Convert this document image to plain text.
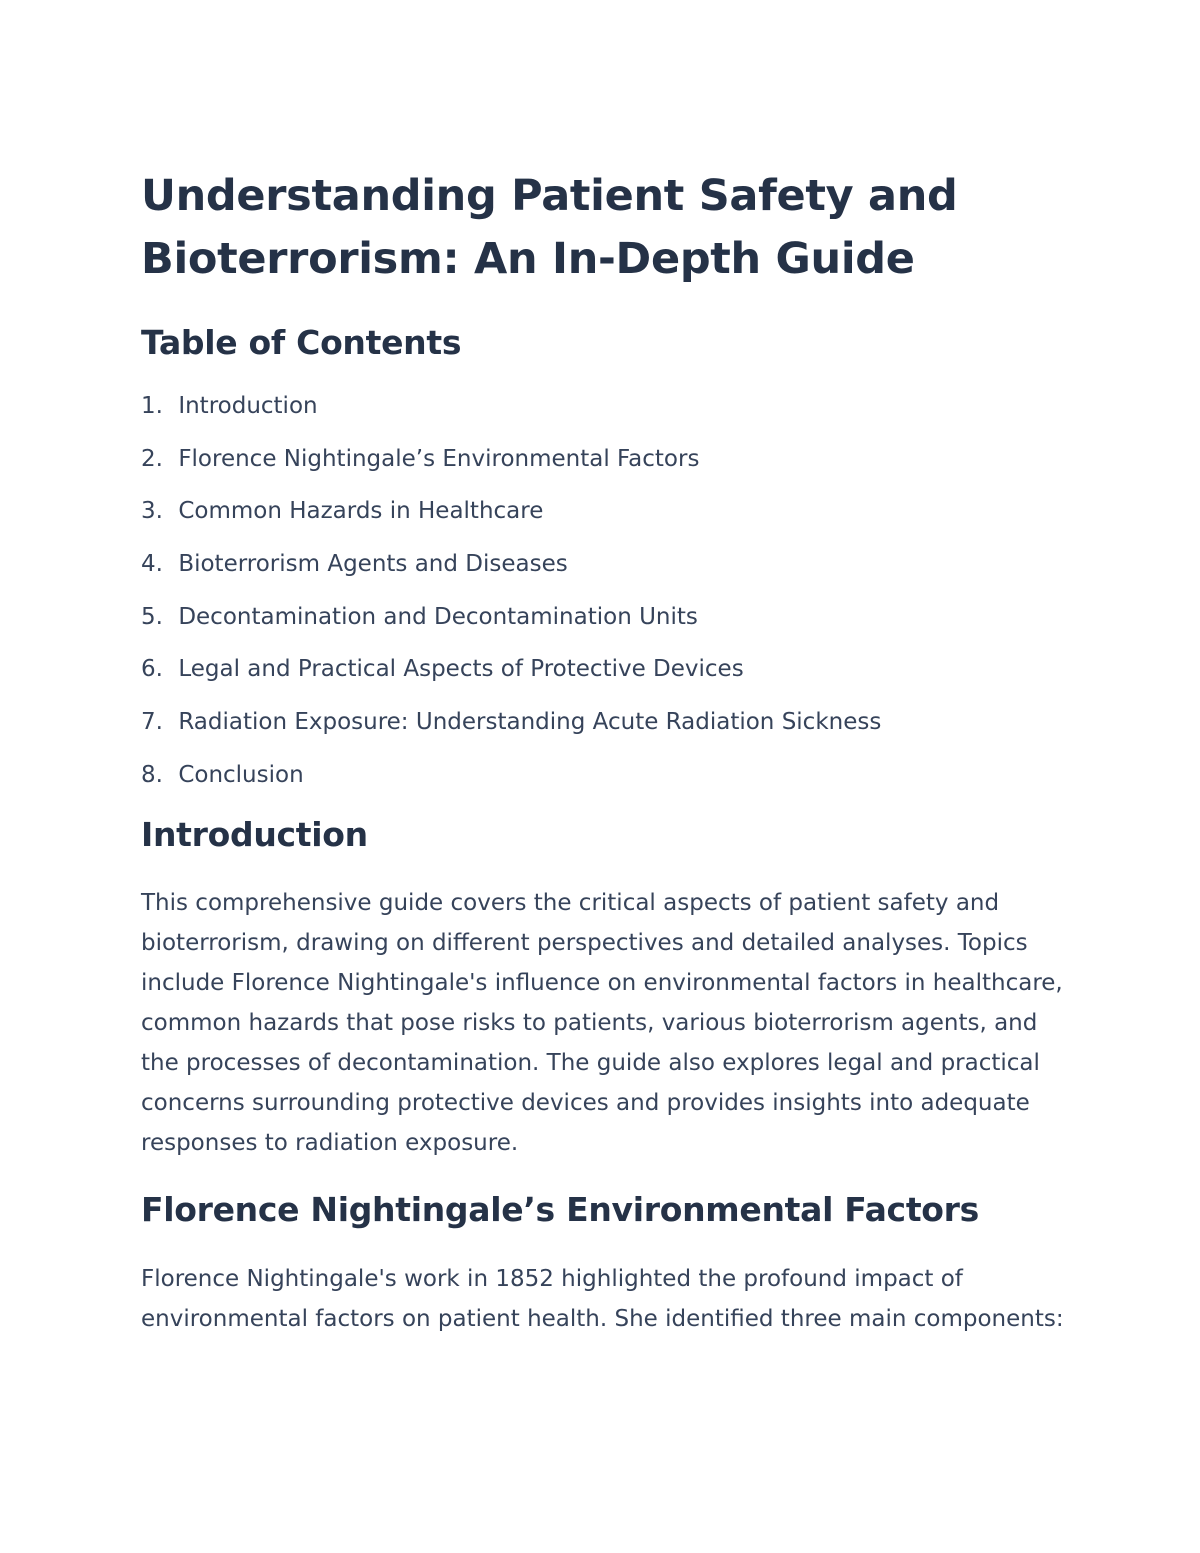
Understanding Patient Safety and Bioterrorism: An In-Depth Guide
Table of Contents
1. Introduction
2. Florence Nightingale’s Environmental Factors
3. Common Hazards in Healthcare
4. Bioterrorism Agents and Diseases
5. Decontamination and Decontamination Units
6. Legal and Practical Aspects of Protective Devices
7. Radiation Exposure: Understanding Acute Radiation Sickness
8. Conclusion
Introduction

This comprehensive guide covers the critical aspects of patient safety and bioterrorism, drawing on different perspectives and detailed analyses. Topics include Florence Nightingale's influence on environmental factors in healthcare, common hazards that pose risks to patients, various bioterrorism agents, and the processes of decontamination. The guide also explores legal and practical concerns surrounding protective devices and provides insights into adequate responses to radiation exposure.

Florence Nightingale’s Environmental Factors

Florence Nightingale's work in 1852 highlighted the profound impact of environmental factors on patient health. She identified three main components:
